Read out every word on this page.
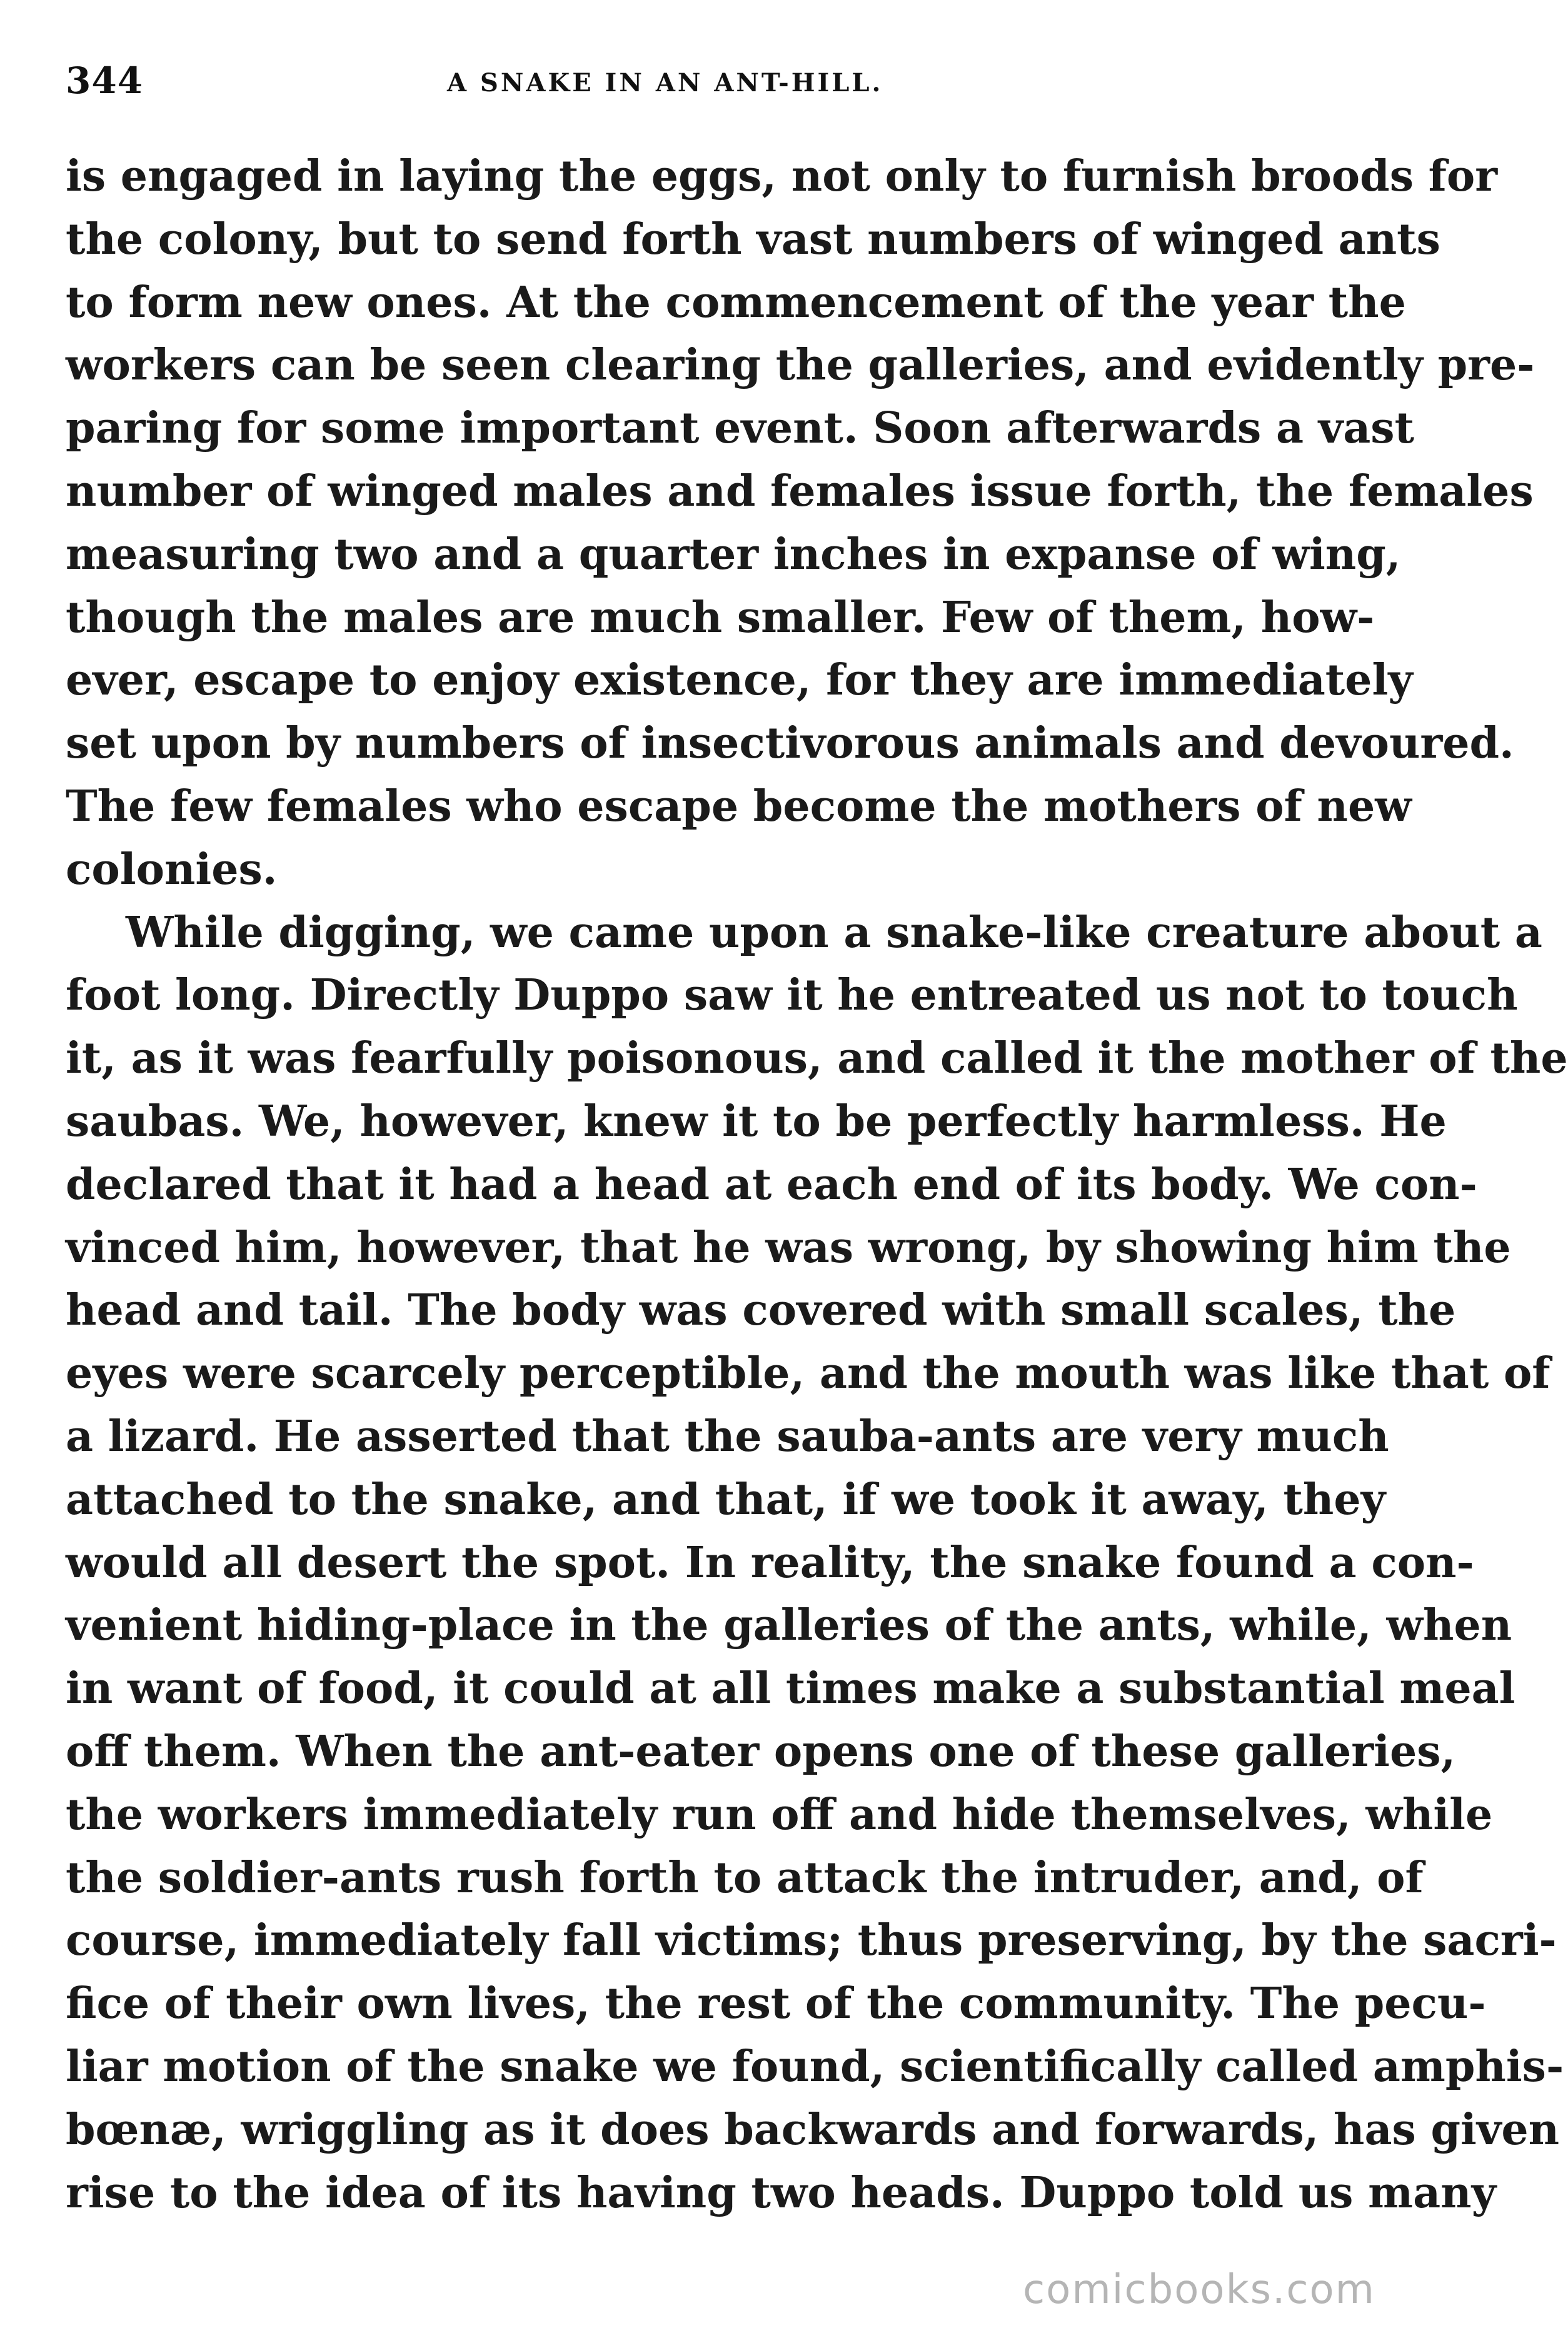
344	A SNAKE IN AN ANT-HILL.
is engaged in laying the eggs, not only to furnish broods for
the colony, but to send forth vast numbers of winged ants
to form new ones. At the commencement of the year the
workers can be seen clearing the galleries, and evidently pre-
paring for some important event. Soon afterwards a vast
number of winged males and females issue forth, the females
measuring two and a quarter inches in expanse of wing,
though the males are much smaller. Few of them, how-
ever, escape to enjoy existence, for they are immediately
set upon by numbers of insectivorous animals and devoured.
The few females who escape become the mothers of new
colonies.
While digging, we came upon a snake-like creature about a
foot long. Directly Duppo saw it he entreated us not to touch
it, as it was fearfully poisonous, and called it the mother of the
saubas. We, however, knew it to be perfectly harmless. He
declared that it had a head at each end of its body. We con-
vinced him, however, that he was wrong, by showing him the
head and tail. The body was covered with small scales, the
eyes were scarcely perceptible, and the mouth was like that of
a lizard. He asserted that the sauba-ants are very much
attached to the snake, and that, if we took it away, they
would all desert the spot. In reality, the snake found a con-
venient hiding-place in the galleries of the ants, while, when
in want of food, it could at all times make a substantial meal
off them. When the ant-eater opens one of these galleries,
the workers immediately run off and hide themselves, while
the soldier-ants rush forth to attack the intruder, and, of
course, immediately fall victims; thus preserving, by the sacri-
fice of their own lives, the rest of the community. The pecu-
liar motion of the snake we found, scientifically called amphis-
bœnæ, wriggling as it does backwards and forwards, has given
rise to the idea of its having two heads. Duppo told us many
comicbooks.com
